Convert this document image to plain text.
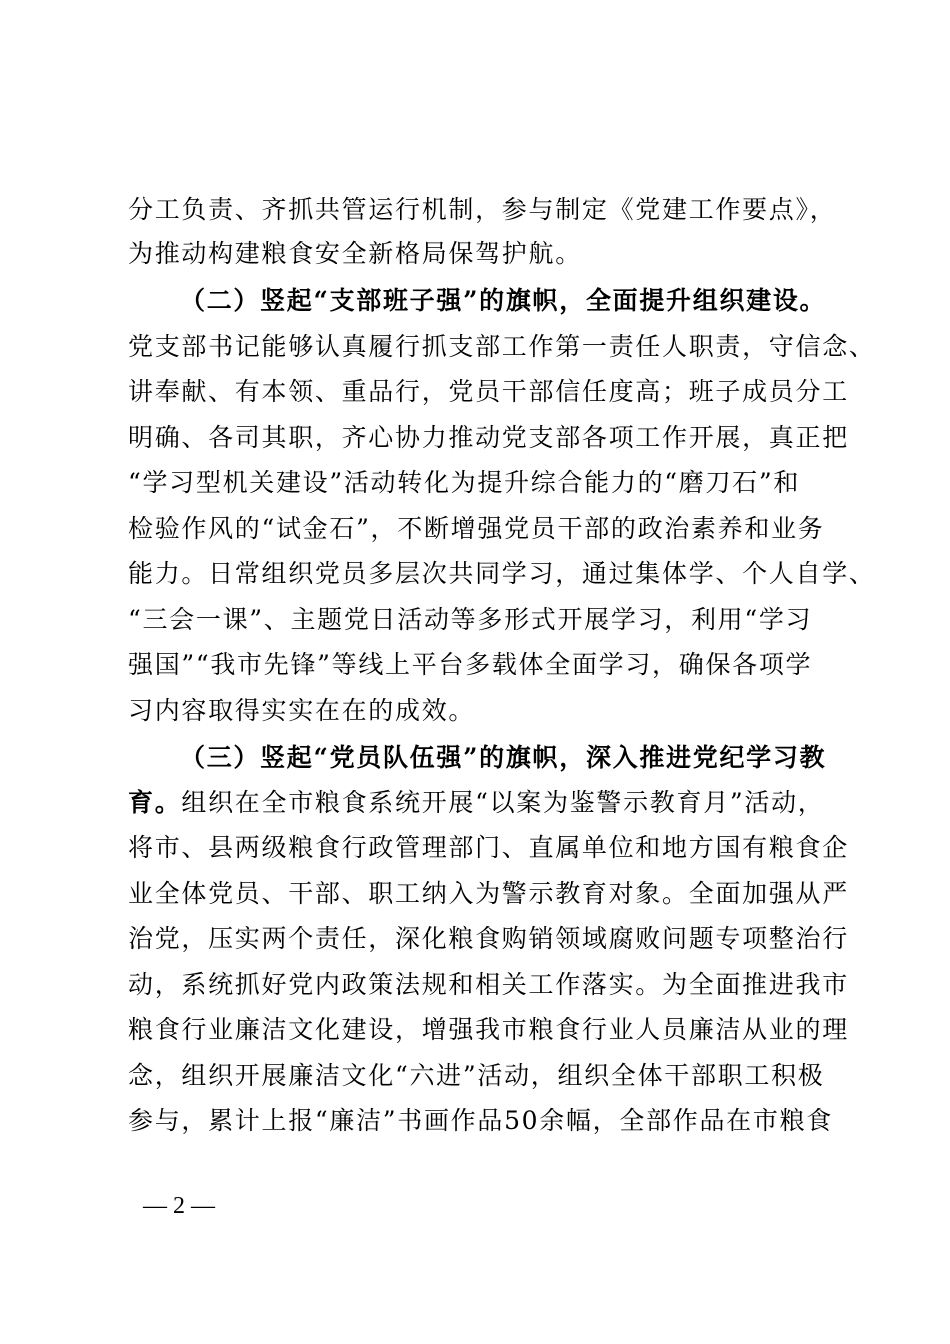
分工负责、齐抓共管运行机制，参与制定《党建工作要点》，
为推动构建粮食安全新格局保驾护航。
（二）竖起“支部班子强”的旗帜，全面提升组织建设。
党支部书记能够认真履行抓支部工作第一责任人职责，守信念、
讲奉献、有本领、重品行，党员干部信任度高；班子成员分工
明确、各司其职，齐心协力推动党支部各项工作开展，真正把
“学习型机关建设”活动转化为提升综合能力的“磨刀石”和
检验作风的“试金石”，不断增强党员干部的政治素养和业务
能力。日常组织党员多层次共同学习，通过集体学、个人自学、
“三会一课”、主题党日活动等多形式开展学习，利用“学习
强国”“我市先锋”等线上平台多载体全面学习，确保各项学
习内容取得实实在在的成效。
（三）竖起“党员队伍强”的旗帜，深入推进党纪学习教
育。组织在全市粮食系统开展“以案为鉴警示教育月”活动，
将市、县两级粮食行政管理部门、直属单位和地方国有粮食企
业全体党员、干部、职工纳入为警示教育对象。全面加强从严
治党，压实两个责任，深化粮食购销领域腐败问题专项整治行
动，系统抓好党内政策法规和相关工作落实。为全面推进我市
粮食行业廉洁文化建设，增强我市粮食行业人员廉洁从业的理
念，组织开展廉洁文化“六进”活动，组织全体干部职工积极
参与，累计上报“廉洁”书画作品50余幅，全部作品在市粮食
— 2 —
